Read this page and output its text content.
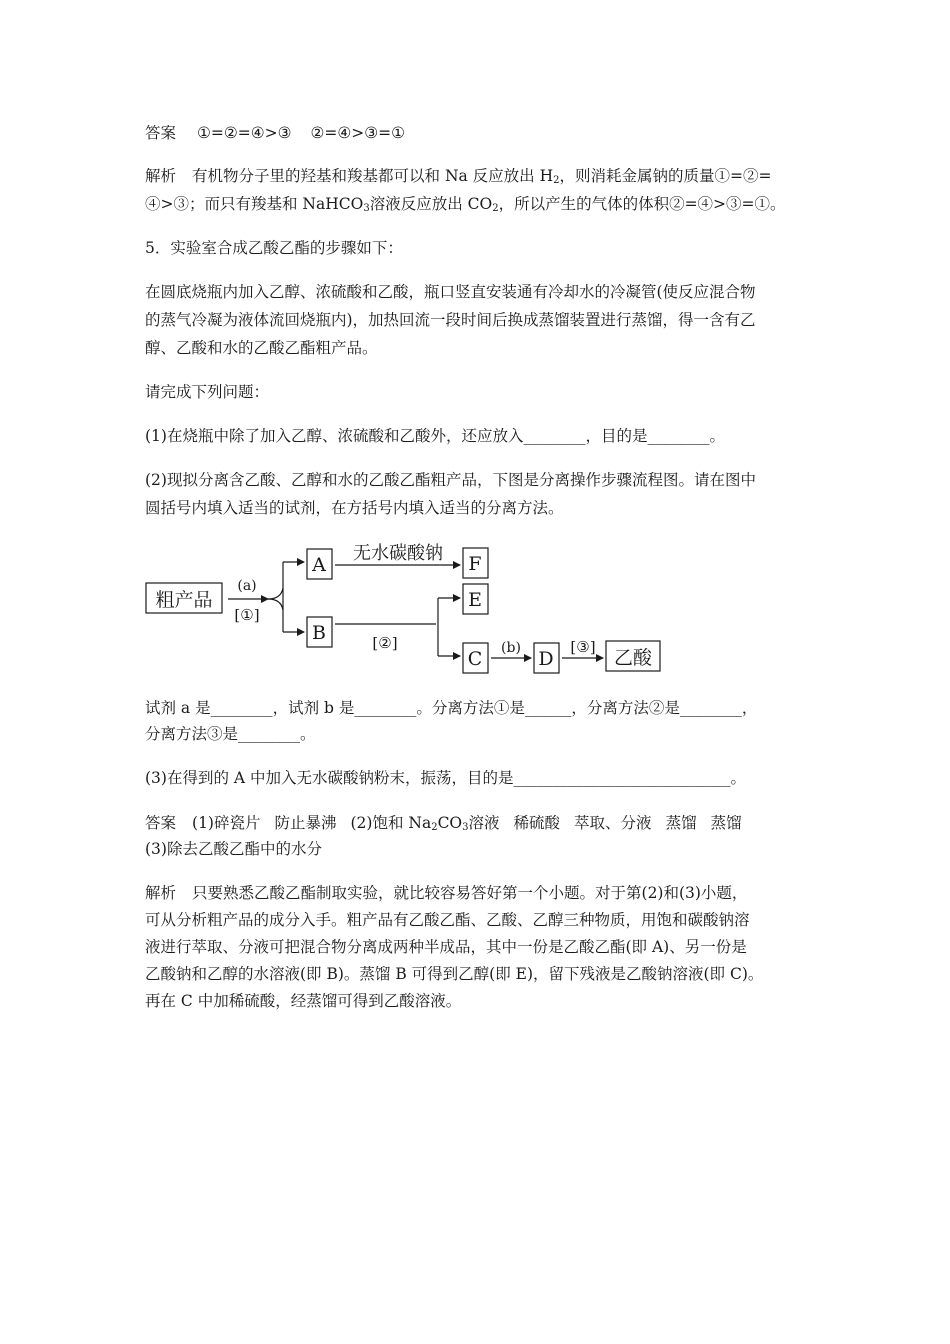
答案 ①=②=④>③ ②=④>③=①
解析 有机物分子里的羟基和羧基都可以和 Na 反应放出 $H_2$，则消耗金属钠的质量①=②=
④>③；而只有羧基和 NaHCO$_3$溶液反应放出 $CO_2$，所以产生的气体的体积②=④>③=①。
5．实验室合成乙酸乙酯的步骤如下：
在圆底烧瓶内加入乙醇、浓硫酸和乙酸，瓶口竖直安装通有冷却水的冷凝管(使反应混合物
的蒸气冷凝为液体流回烧瓶内)，加热回流一段时间后换成蒸馏装置进行蒸馏，得一含有乙
醇、乙酸和水的乙酸乙酯粗产品。
请完成下列问题：
(1)在烧瓶中除了加入乙醇、浓硫酸和乙酸外，还应放入________，目的是________。
(2)现拟分离含乙酸、乙醇和水的乙酸乙酯粗产品，下图是分离操作步骤流程图。请在图中
圆括号内填入适当的试剂，在方括号内填入适当的分离方法。
粗产品
(a)
[①]
A
B
无水碳酸钠 F
E
[②]
C (b) D
[③] 乙酸
试剂 a 是________，试剂 b 是________。分离方法①是______，分离方法②是________，
分离方法③是________。
(3)在得到的 A 中加入无水碳酸钠粉末，振荡，目的是____________________________。
答案 (1)碎瓷片 防止暴沸 (2)饱和 $Na_2CO_3$溶液 稀硫酸 萃取、分液 蒸馏 蒸馏
(3)除去乙酸乙酯中的水分
解析 只要熟悉乙酸乙酯制取实验，就比较容易答好第一个小题。对于第(2)和(3)小题，
可从分析粗产品的成分入手。粗产品有乙酸乙酯、乙酸、乙醇三种物质，用饱和碳酸钠溶
液进行萃取、分液可把混合物分离成两种半成品，其中一份是乙酸乙酯(即 A)、另一份是
乙酸钠和乙醇的水溶液(即 B)。蒸馏 B 可得到乙醇(即 E)，留下残液是乙酸钠溶液(即 C)。
再在 C 中加稀硫酸，经蒸馏可得到乙酸溶液。
